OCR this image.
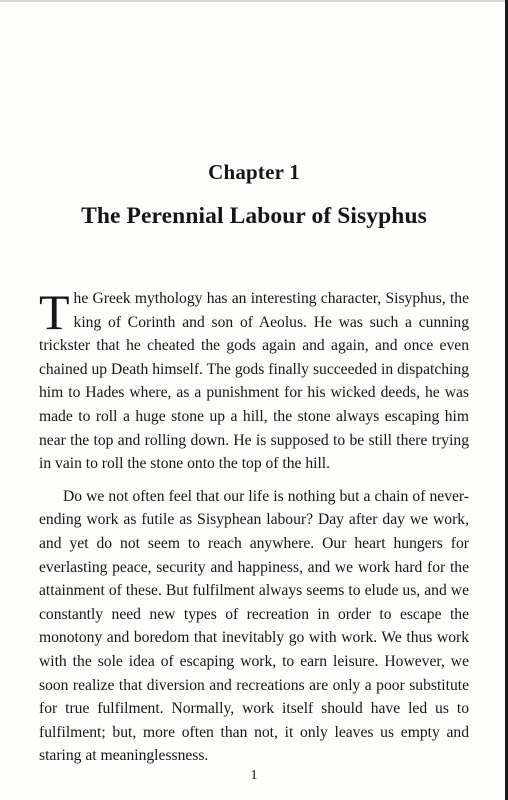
Chapter 1
The Perennial Labour of Sisyphus

The Greek mythology has an interesting character, Sisyphus, the king of Corinth and son of Aeolus. He was such a cunning trickster that he cheated the gods again and again, and once even chained up Death himself. The gods finally succeeded in dispatching him to Hades where, as a punishment for his wicked deeds, he was made to roll a huge stone up a hill, the stone always escaping him near the top and rolling down. He is supposed to be still there trying in vain to roll the stone onto the top of the hill.

Do we not often feel that our life is nothing but a chain of never-ending work as futile as Sisyphean labour? Day after day we work, and yet do not seem to reach anywhere. Our heart hungers for everlasting peace, security and happiness, and we work hard for the attainment of these. But fulfilment always seems to elude us, and we constantly need new types of recreation in order to escape the monotony and boredom that inevitably go with work. We thus work with the sole idea of escaping work, to earn leisure. However, we soon realize that diversion and recreations are only a poor substitute for true fulfilment. Normally, work itself should have led us to fulfilment; but, more often than not, it only leaves us empty and staring at meaninglessness.

1
